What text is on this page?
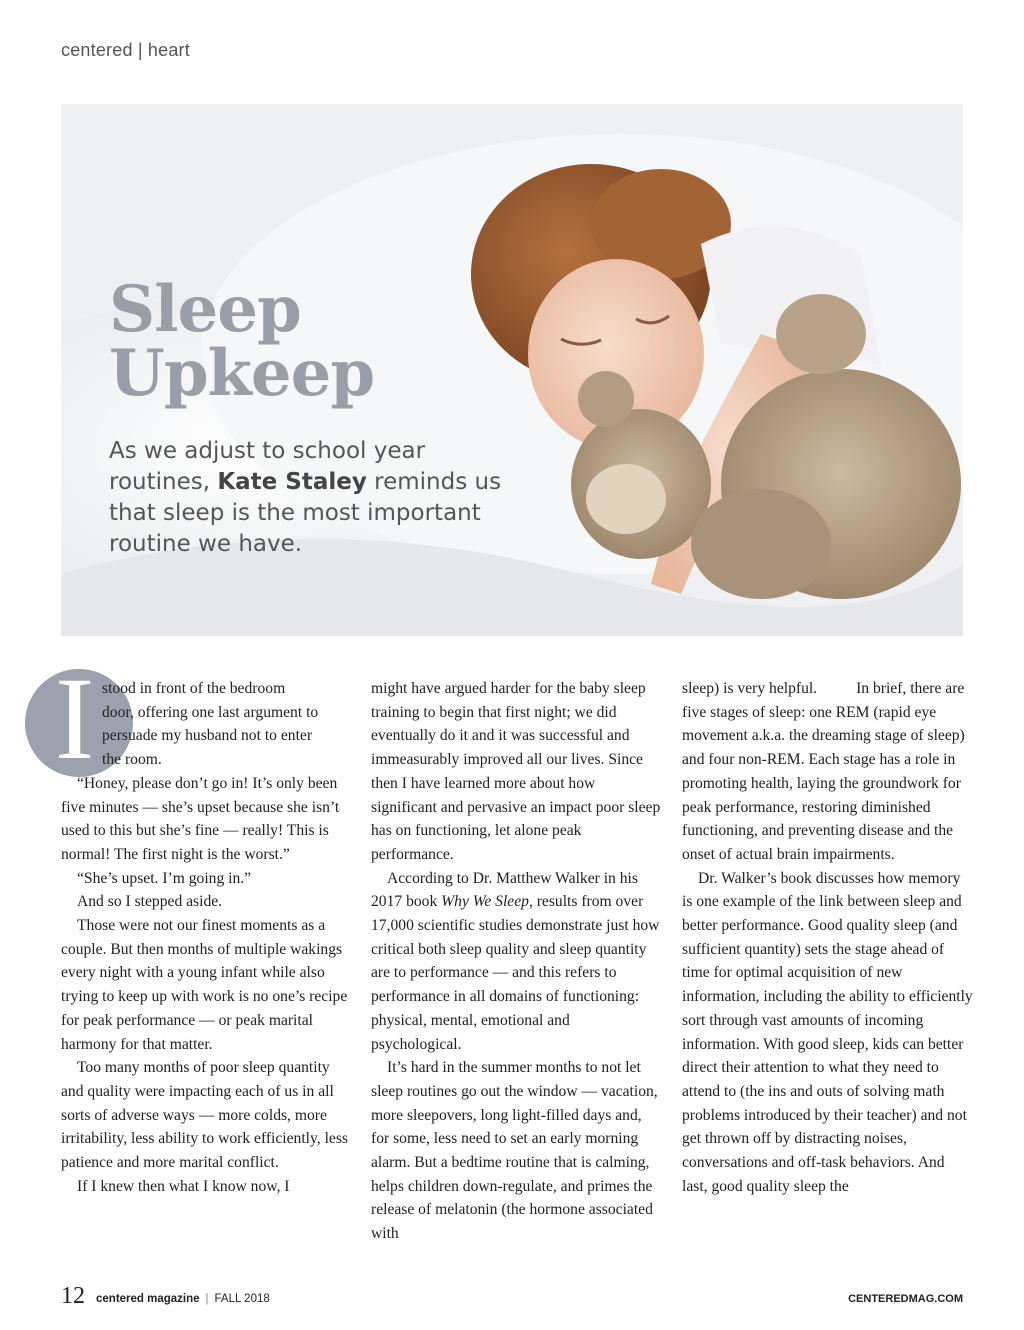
centered | heart
Sleep
Upkeep
As we adjust to school year routines, Kate Staley reminds us that sleep is the most important routine we have.
I stood in front of the bedroom
door, offering one last argument to
persuade my husband not to enter
the room.

“Honey, please don’t go in! It’s only been five minutes — she’s upset because she isn’t used to this but she’s fine — really! This is normal! The first night is the worst.”

“She’s upset. I’m going in.”

And so I stepped aside.

Those were not our finest moments as a couple. But then months of multiple wakings every night with a young infant while also trying to keep up with work is no one’s recipe for peak performance — or peak marital harmony for that matter.

Too many months of poor sleep quantity and quality were impacting each of us in all sorts of adverse ways — more colds, more irritability, less ability to work efficiently, less patience and more marital conflict.

If I knew then what I know now, I

might have argued harder for the baby sleep training to begin that first night; we did eventually do it and it was successful and immeasurably improved all our lives. Since then I have learned more about how significant and pervasive an impact poor sleep has on functioning, let alone peak performance.

According to Dr. Matthew Walker in his 2017 book Why We Sleep, results from over 17,000 scientific studies demonstrate just how critical both sleep quality and sleep quantity are to performance — and this refers to performance in all domains of functioning: physical, mental, emotional and psychological.

It’s hard in the summer months to not let sleep routines go out the window — vacation, more sleepovers, long light-filled days and, for some, less need to set an early morning alarm. But a bedtime routine that is calming, helps children down-regulate, and primes the release of melatonin (the hormone associated with

sleep) is very helpful.          In brief, there are five stages of sleep: one REM (rapid eye movement a.k.a. the dreaming stage of sleep) and four non-REM. Each stage has a role in promoting health, laying the groundwork for peak performance, restoring diminished functioning, and preventing disease and the onset of actual brain impairments.

Dr. Walker’s book discusses how memory is one example of the link between sleep and better performance. Good quality sleep (and sufficient quantity) sets the stage ahead of time for optimal acquisition of new information, including the ability to efficiently sort through vast amounts of incoming information. With good sleep, kids can better direct their attention to what they need to attend to (the ins and outs of solving math problems introduced by their teacher) and not get thrown off by distracting noises, conversations and off-task behaviors. And last, good quality sleep the

12 centered magazine | FALL 2018	CENTEREDMAG.COM
